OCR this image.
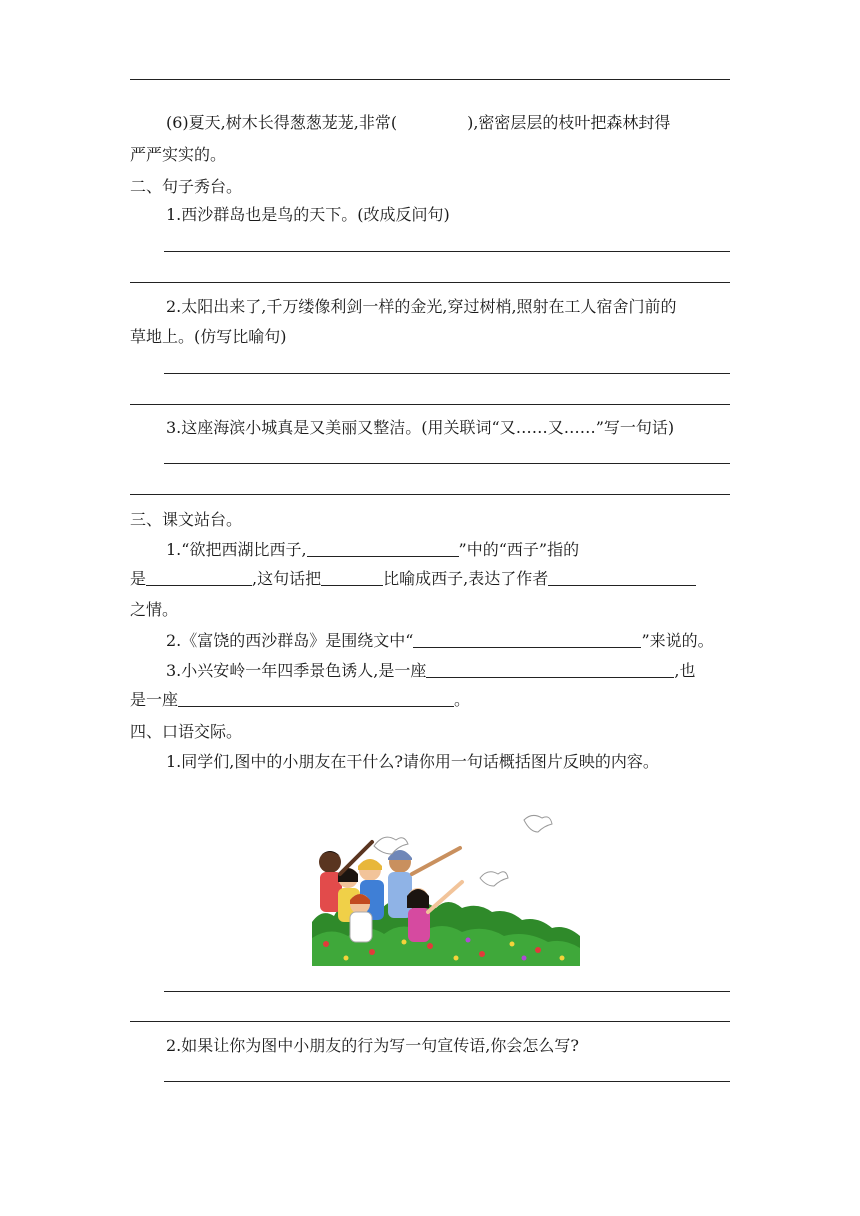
(6)夏天,树木长得葱葱茏茏,非常(	),密密层层的枝叶把森林封得
严严实实的。
二、句子秀台。
1.西沙群岛也是鸟的天下。(改成反问句)
2.太阳出来了,千万缕像利剑一样的金光,穿过树梢,照射在工人宿舍门前的
草地上。(仿写比喻句)
3.这座海滨小城真是又美丽又整洁。(用关联词“又……又……”写一句话)
三、课文站台。
1.“欲把西湖比西子,	”中的“西子”指的
是	,这句话把	比喻成西子,表达了作者
之情。
2.《富饶的西沙群岛》是围绕文中“	”来说的。
3.小兴安岭一年四季景色诱人,是一座	,也
是一座	。
四、口语交际。
1.同学们,图中的小朋友在干什么?请你用一句话概括图片反映的内容。
2.如果让你为图中小朋友的行为写一句宣传语,你会怎么写?
